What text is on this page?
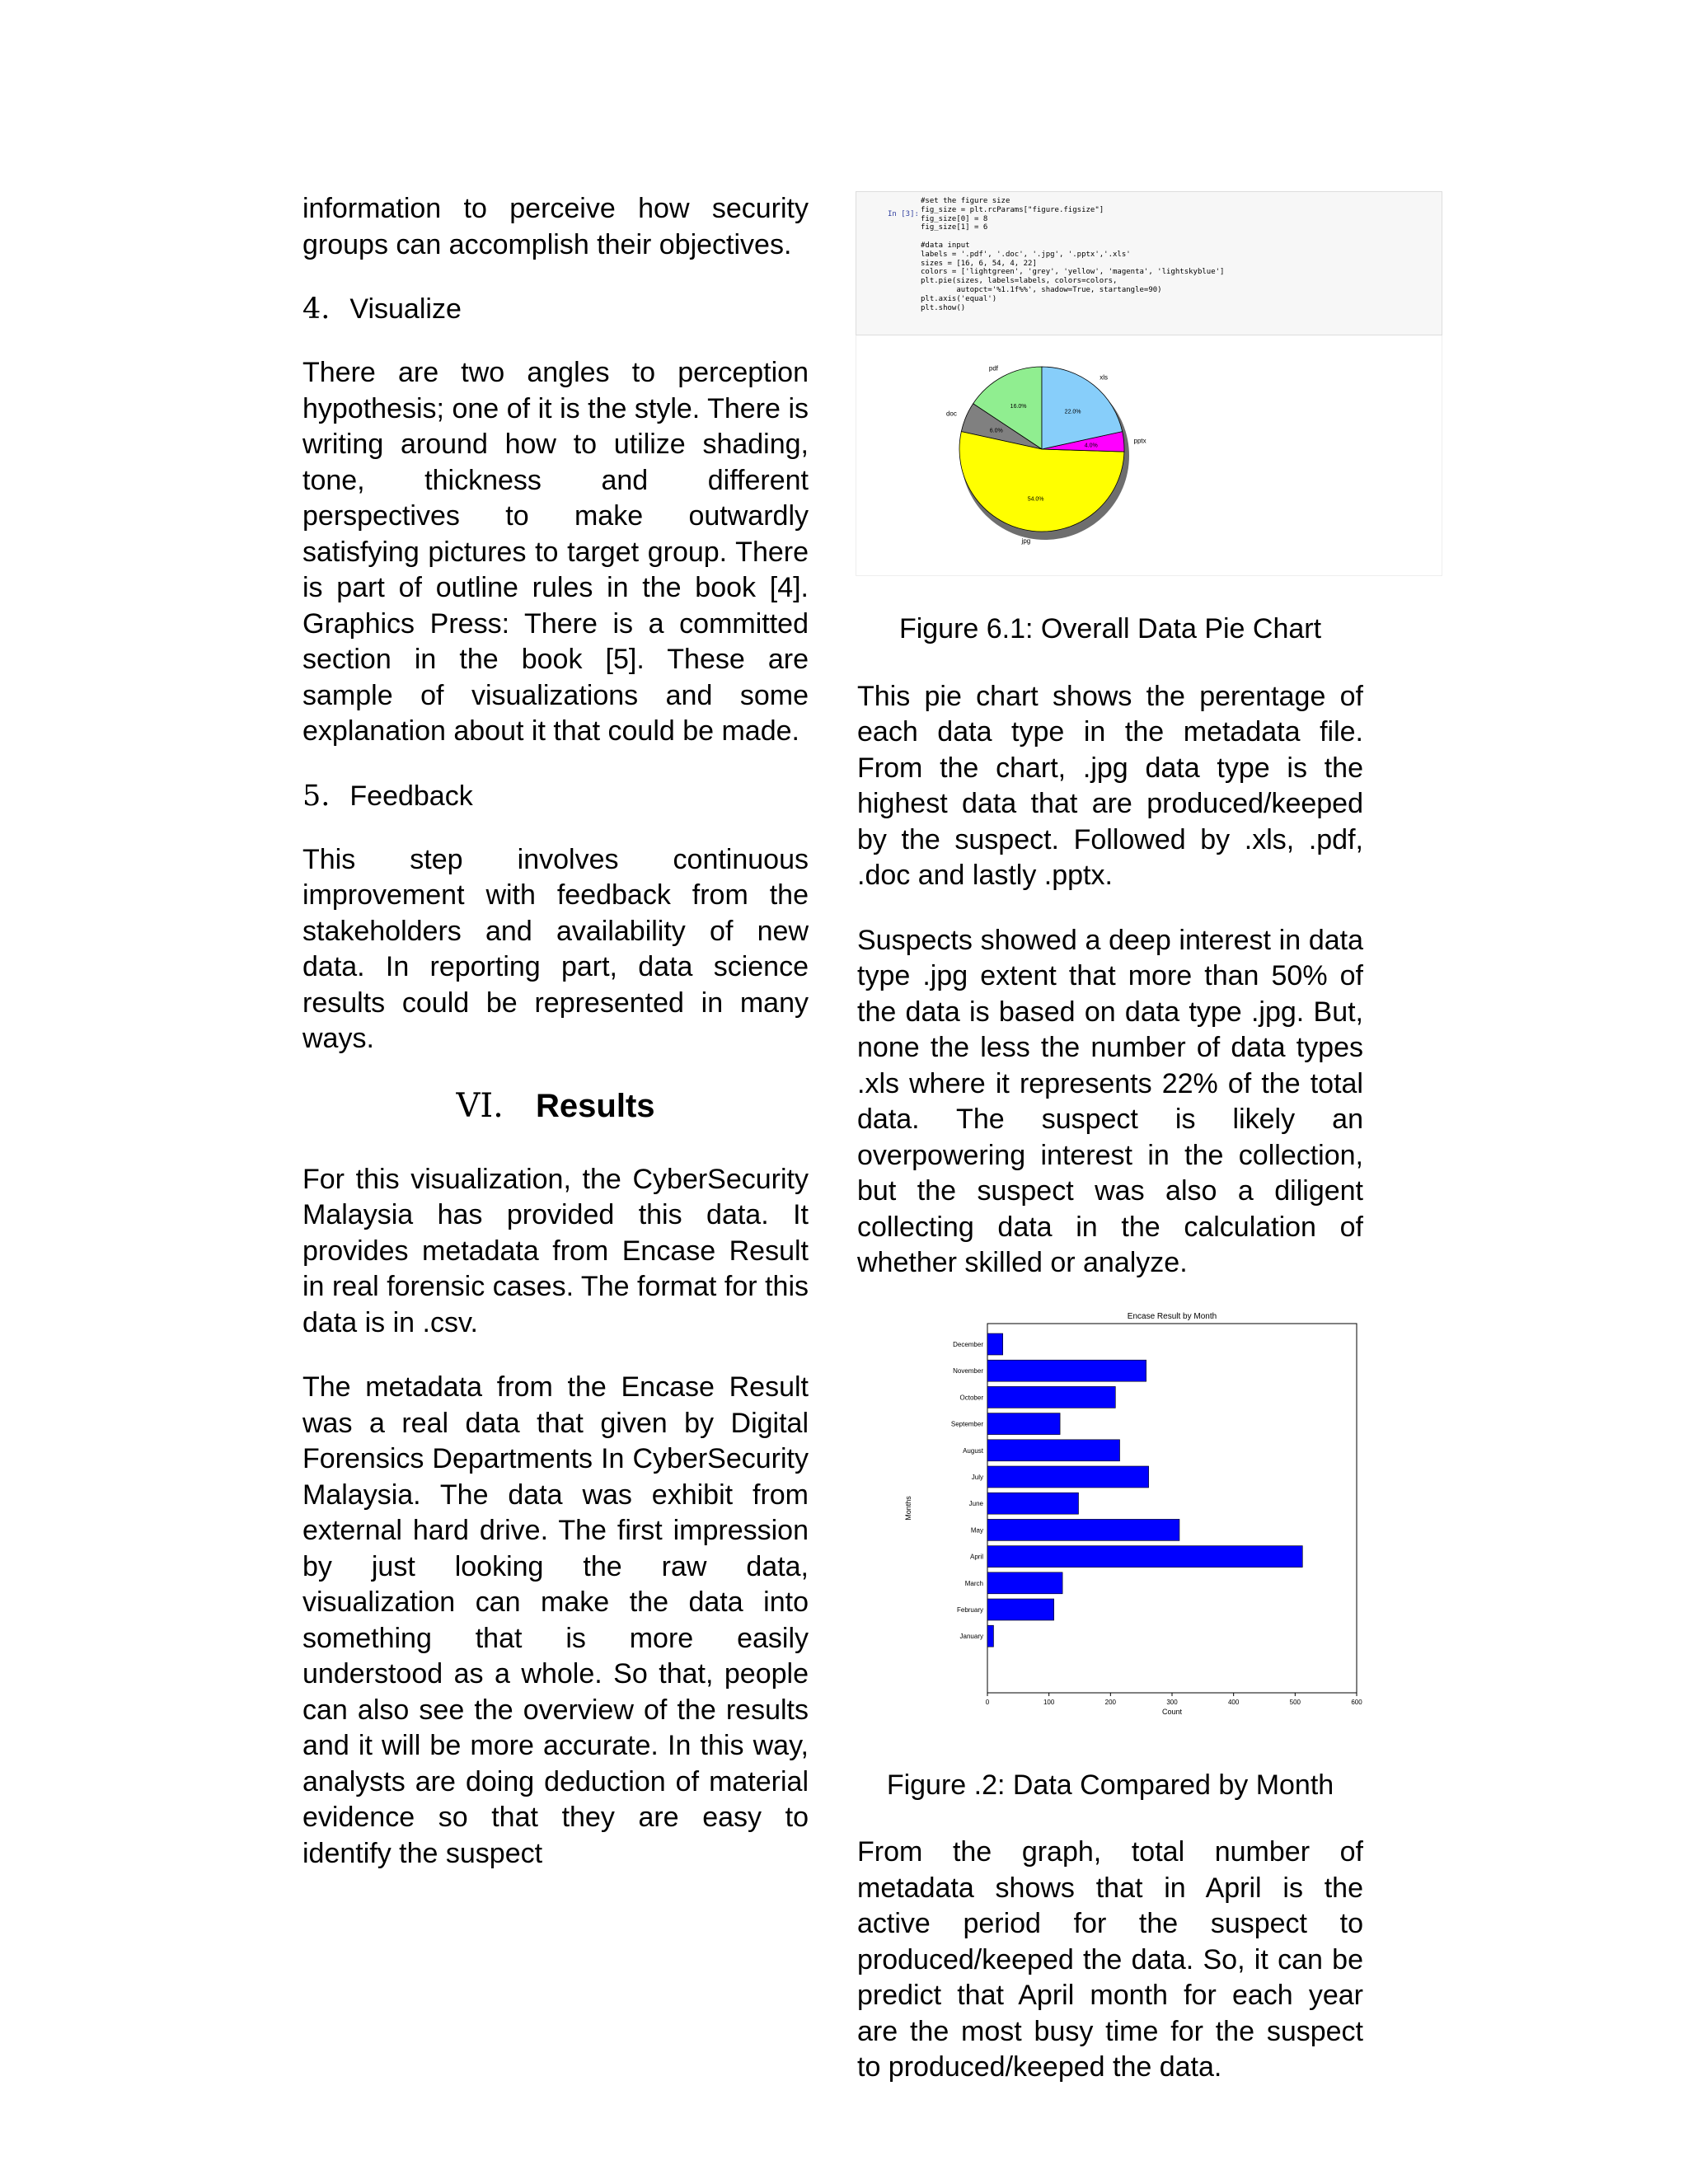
information to perceive how security groups can accomplish their objectives.

4. Visualize

There are two angles to perception hypothesis; one of it is the style. There is writing around how to utilize shading, tone, thickness and different perspectives to make outwardly satisfying pictures to target group. There is part of outline rules in the book [4]. Graphics Press: There is a committed section in the book [5]. These are sample of visualizations and some explanation about it that could be made.

5. Feedback

This step involves continuous improvement with feedback from the stakeholders and availability of new data. In reporting part, data science results could be represented in many ways.

VI. Results

For this visualization, the CyberSecurity Malaysia has provided this data. It provides metadata from Encase Result in real forensic cases. The format for this data is in .csv.

The metadata from the Encase Result was a real data that given by Digital Forensics Departments In CyberSecurity Malaysia. The data was exhibit from external hard drive. The first impression by just looking the raw data, visualization can make the data into something that is more easily understood as a whole. So that, people can also see the overview of the results and it will be more accurate. In this way, analysts are doing deduction of material evidence so that they are easy to identify the suspect

In [3]:
#set the figure size
fig_size = plt.rcParams["figure.figsize"]
fig_size[0] = 8
fig_size[1] = 6
#data input
labels = '.pdf', '.doc', '.jpg', '.pptx','.xls'
sizes = [16, 6, 54, 4, 22]
colors = ['lightgreen', 'grey', 'yellow', 'magenta', 'lightskyblue']
plt.pie(sizes, labels=labels, colors=colors,
autopct='%1.1f%%', shadow=True, startangle=90)
plt.axis('equal')
plt.show()
pdf
16.0%
doc
6.0%
jpg
54.0%
pptx
4.0%
xls
22.0%
Figure 6.1: Overall Data Pie Chart

This pie chart shows the perentage of each data type in the metadata file. From the chart, .jpg data type is the highest data that are produced/keeped by the suspect. Followed by .xls, .pdf, .doc and lastly .pptx.

Suspects showed a deep interest in data type .jpg extent that more than 50% of the data is based on data type .jpg. But, none the less the number of data types .xls where it represents 22% of the total data. The suspect is likely an overpowering interest in the collection, but the suspect was also a diligent collecting data in the calculation of whether skilled or analyze.

Encase Result by Month
January
February
March
April
May
June
July
August
September
October
November
December
0	100	200	300	400	500	600
Count
Months
Figure .2: Data Compared by Month

From the graph, total number of metadata shows that in April is the active period for the suspect to produced/keeped the data. So, it can be predict that April month for each year are the most busy time for the suspect to produced/keeped the data.
